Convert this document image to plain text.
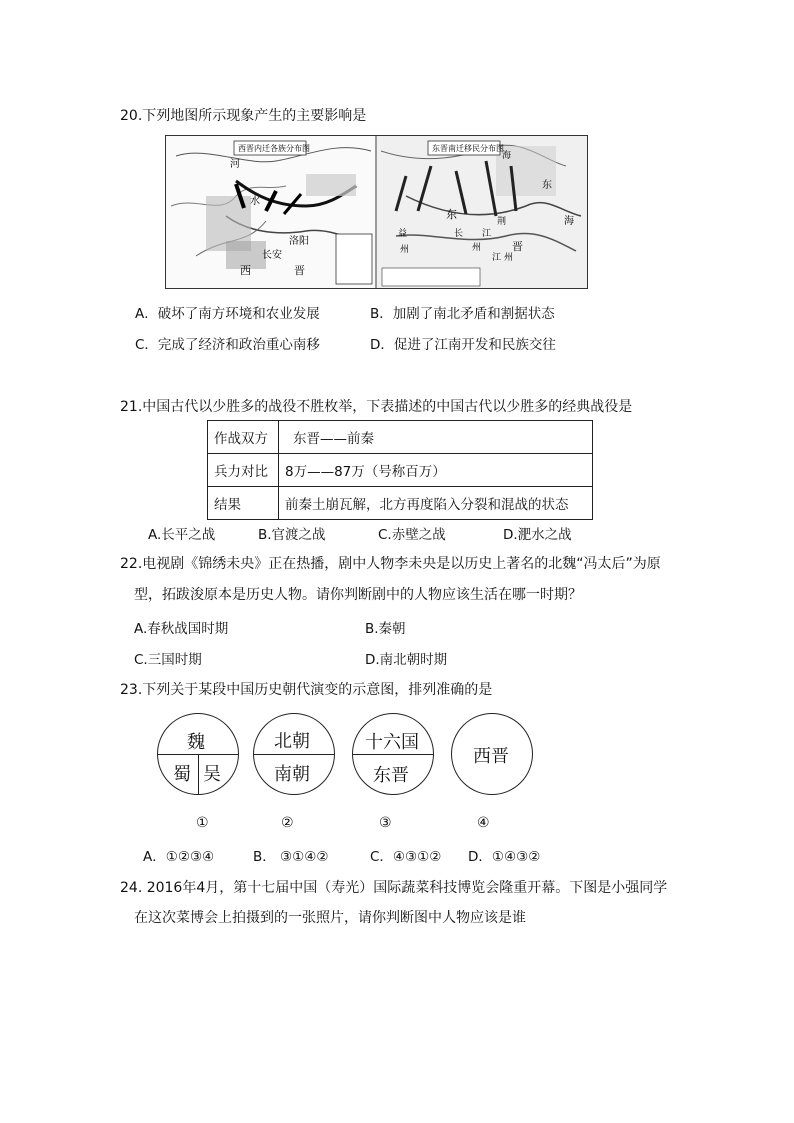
20.下列地图所示现象产生的主要影响是
西晋内迁各族分布图
河
水
洛阳
长安
西	晋
东晋南迁移民分布图
海
东
海
东
长
荆
江
晋
益
州	州
江 州
A．破坏了南方环境和农业发展	B．加剧了南北矛盾和割据状态
C．完成了经济和政治重心南移	D．促进了江南开发和民族交往
21.中国古代以少胜多的战役不胜枚举，下表描述的中国古代以少胜多的经典战役是
作战双方	东晋——前秦
兵力对比	8万——87万（号称百万）
结果	前秦土崩瓦解，北方再度陷入分裂和混战的状态
A.长平之战	B.官渡之战	C.赤壁之战	D.淝水之战
22.电视剧《锦绣未央》正在热播，剧中人物李未央是以历史上著名的北魏“冯太后”为原
型，拓跋浚原本是历史人物。请你判断剧中的人物应该生活在哪一时期？
A.春秋战国时期	B.秦朝
C.三国时期	D.南北朝时期
23.下列关于某段中国历史朝代演变的示意图，排列准确的是
魏
蜀 吴
北朝
南朝
十六国
东晋
西晋
①	②	③	④
A．①②③④	B． ③①④②	C．④③①② D．①④③②
24. 2016年4月，第十七届中国（寿光）国际蔬菜科技博览会隆重开幕。下图是小强同学
在这次菜博会上拍摄到的一张照片，请你判断图中人物应该是谁
